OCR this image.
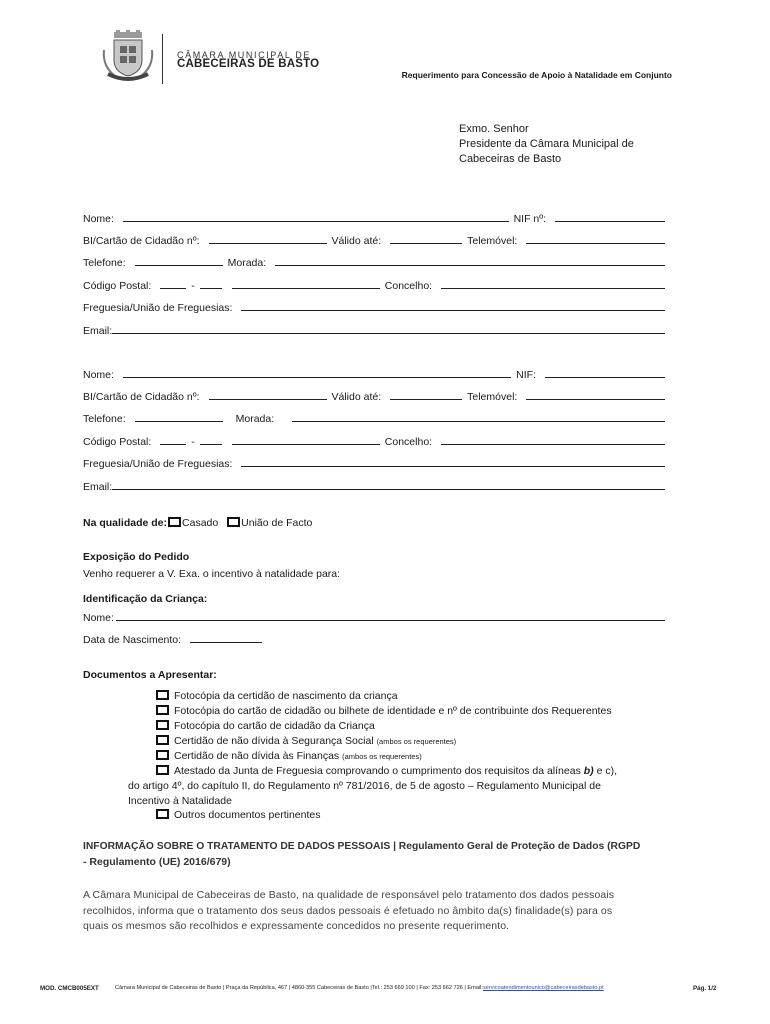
CÂMARA MUNICIPAL DE
CABECEIRAS DE BASTO
Requerimento para Concessão de Apoio à Natalidade em Conjunto
Exmo. Senhor
Presidente da Câmara Municipal de
Cabeceiras de Basto
Nome:	NIF nº:
BI/Cartão de Cidadão nº:	Válido até:	Telemóvel:
Telefone:	Morada:
Código Postal:	-	Concelho:
Freguesia/União de Freguesias:
Email:
Nome:	NIF:
BI/Cartão de Cidadão nº:	Válido até:	Telemóvel:
Telefone:	Morada:
Código Postal:	-	Concelho:
Freguesia/União de Freguesias:
Email:
Na qualidade de: Casado União de Facto
Exposição do Pedido
Venho requerer a V. Exa. o incentivo à natalidade para:
Identificação da Criança:
Nome:
Data de Nascimento:
Documentos a Apresentar:
Fotocópia da certidão de nascimento da criança
Fotocópia do cartão de cidadão ou bilhete de identidade e nº de contribuinte dos Requerentes
Fotocópia do cartão de cidadão da Criança
Certidão de não dívida à Segurança Social (ambos os requerentes)
Certidão de não dívida às Finanças (ambos os requerentes)
Atestado da Junta de Freguesia comprovando o cumprimento dos requisitos da alíneas b) e c),
do artigo 4º, do capítulo II, do Regulamento nº 781/2016, de 5 de agosto – Regulamento Municipal de
Incentivo à Natalidade
Outros documentos pertinentes
INFORMAÇÃO SOBRE O TRATAMENTO DE DADOS PESSOAIS | Regulamento Geral de Proteção de Dados (RGPD
- Regulamento (UE) 2016/679)
A Câmara Municipal de Cabeceiras de Basto, na qualidade de responsável pelo tratamento dos dados pessoais
recolhidos, informa que o tratamento dos seus dados pessoais é efetuado no âmbito da(s) finalidade(s) para os
quais os mesmos são recolhidos e expressamente concedidos no presente requerimento.
MOD. CMCB005EXT	Câmara Municipal de Cabeceiras de Basto | Praça da República, 467 | 4860-355 Cabeceiras de Basto |Tel.: 253 669 100 | Fax: 253 662 726 | Email:servicoatendimentounico@cabeceirasdebasto.pt	Pág. 1/2
